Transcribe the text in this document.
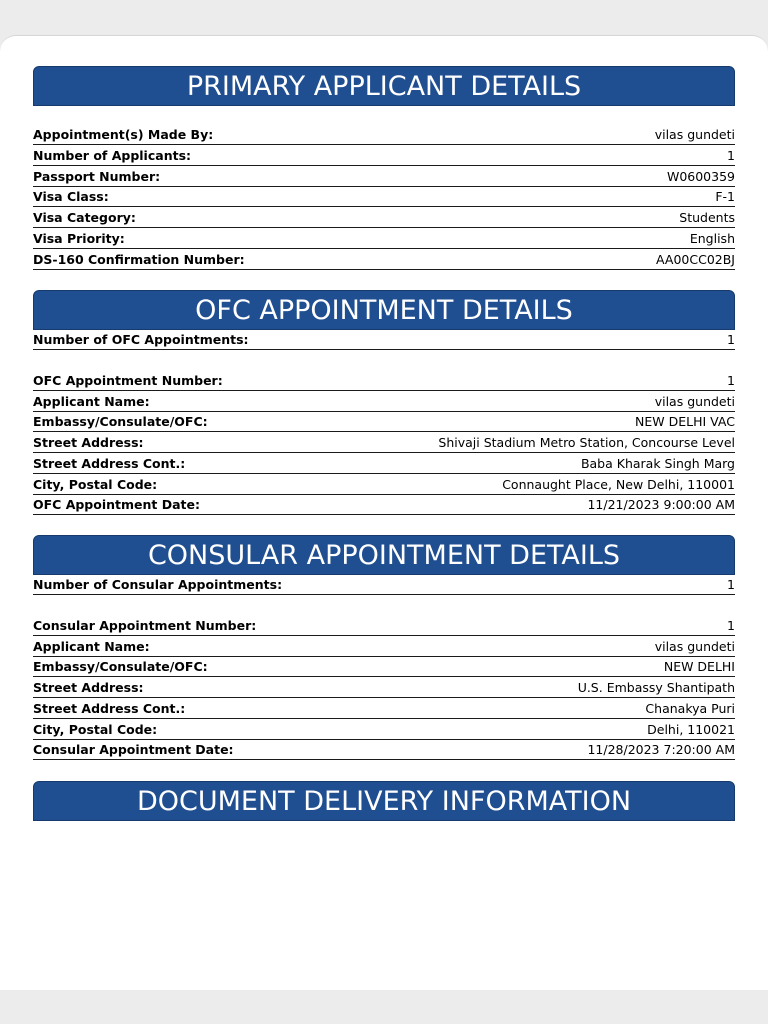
PRIMARY APPLICANT DETAILS
Appointment(s) Made By:	vilas gundeti
Number of Applicants:	1
Passport Number:	W0600359
Visa Class:	F-1
Visa Category:	Students
Visa Priority:	English
DS-160 Confirmation Number:	AA00CC02BJ
OFC APPOINTMENT DETAILS
Number of OFC Appointments:	1
OFC Appointment Number:	1
Applicant Name:	vilas gundeti
Embassy/Consulate/OFC:	NEW DELHI VAC
Street Address:	Shivaji Stadium Metro Station, Concourse Level
Street Address Cont.:	Baba Kharak Singh Marg
City, Postal Code:	Connaught Place, New Delhi, 110001
OFC Appointment Date:	11/21/2023 9:00:00 AM
CONSULAR APPOINTMENT DETAILS
Number of Consular Appointments:	1
Consular Appointment Number:	1
Applicant Name:	vilas gundeti
Embassy/Consulate/OFC:	NEW DELHI
Street Address:	U.S. Embassy Shantipath
Street Address Cont.:	Chanakya Puri
City, Postal Code:	Delhi, 110021
Consular Appointment Date:	11/28/2023 7:20:00 AM
DOCUMENT DELIVERY INFORMATION
